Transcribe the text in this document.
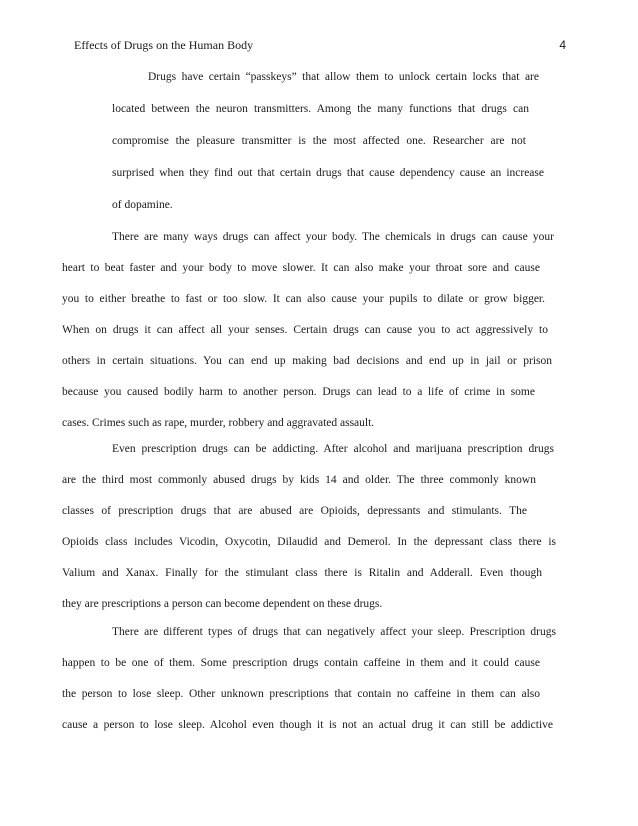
Effects of Drugs on the Human Body	4
Drugs have certain “passkeys” that allow them to unlock certain locks that are
located between the neuron transmitters. Among the many functions that drugs can
compromise the pleasure transmitter is the most affected one. Researcher are not
surprised when they find out that certain drugs that cause dependency cause an increase
of dopamine.
There are many ways drugs can affect your body. The chemicals in drugs can cause your
heart to beat faster and your body to move slower. It can also make your throat sore and cause
you to either breathe to fast or too slow. It can also cause your pupils to dilate or grow bigger.
When on drugs it can affect all your senses. Certain drugs can cause you to act aggressively to
others in certain situations. You can end up making bad decisions and end up in jail or prison
because you caused bodily harm to another person. Drugs can lead to a life of crime in some
cases. Crimes such as rape, murder, robbery and aggravated assault.
Even prescription drugs can be addicting. After alcohol and marijuana prescription drugs
are the third most commonly abused drugs by kids 14 and older. The three commonly known
classes of prescription drugs that are abused are Opioids, depressants and stimulants. The
Opioids class includes Vicodin, Oxycotin, Dilaudid and Demerol. In the depressant class there is
Valium and Xanax. Finally for the stimulant class there is Ritalin and Adderall. Even though
they are prescriptions a person can become dependent on these drugs.
There are different types of drugs that can negatively affect your sleep. Prescription drugs
happen to be one of them. Some prescription drugs contain caffeine in them and it could cause
the person to lose sleep. Other unknown prescriptions that contain no caffeine in them can also
cause a person to lose sleep. Alcohol even though it is not an actual drug it can still be addictive
